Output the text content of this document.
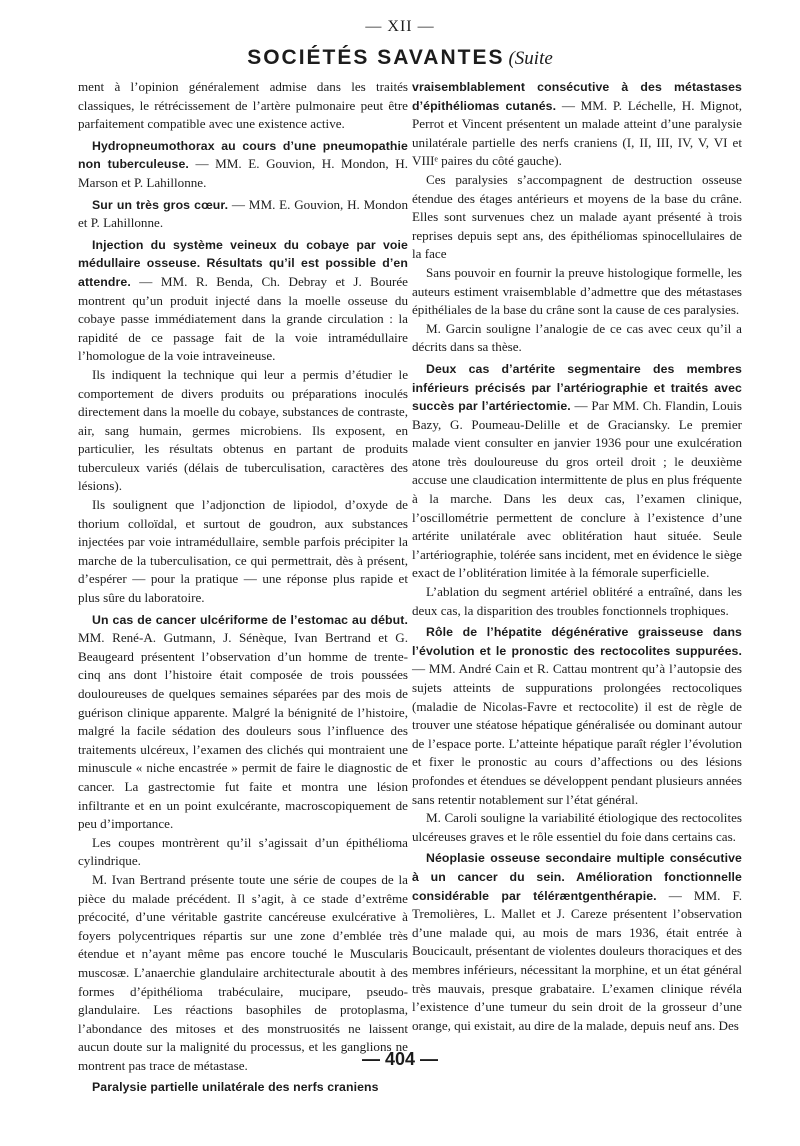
— XII —
SOCIÉTÉS SAVANTES (Suite

ment à l’opinion généralement admise dans les traités classiques, le rétrécissement de l’artère pulmonaire peut être parfaitement compatible avec une existence active.

Hydropneumothorax au cours d’une pneumopathie non tuberculeuse. — MM. E. Gouvion, H. Mondon, H. Marson et P. Lahillonne.

Sur un très gros cœur. — MM. E. Gouvion, H. Mondon et P. Lahillonne.

Injection du système veineux du cobaye par voie médullaire osseuse. Résultats qu’il est possible d’en attendre. — MM. R. Benda, Ch. Debray et J. Bourée montrent qu’un produit injecté dans la moelle osseuse du cobaye passe immédiatement dans la grande circulation : la rapidité de ce passage fait de la voie intramédullaire l’homologue de la voie intraveineuse.

Ils indiquent la technique qui leur a permis d’étudier le comportement de divers produits ou préparations inoculés directement dans la moelle du cobaye, substances de contraste, air, sang humain, germes microbiens. Ils exposent, en particulier, les résultats obtenus en partant de produits tuberculeux variés (délais de tuberculisation, caractères des lésions).

Ils soulignent que l’adjonction de lipiodol, d’oxyde de thorium colloïdal, et surtout de goudron, aux substances injectées par voie intramédullaire, semble parfois précipiter la marche de la tuberculisation, ce qui permettrait, dès à présent, d’espérer — pour la pratique — une réponse plus rapide et plus sûre du laboratoire.

Un cas de cancer ulcériforme de l’estomac au début. MM. René-A. Gutmann, J. Sénèque, Ivan Bertrand et G. Beaugeard présentent l’observation d’un homme de trente-cinq ans dont l’histoire était composée de trois poussées douloureuses de quelques semaines séparées par des mois de guérison clinique apparente. Malgré la bénignité de l’histoire, malgré la facile sédation des douleurs sous l’influence des traitements ulcéreux, l’examen des clichés qui montraient une minuscule « niche encastrée » permit de faire le diagnostic de cancer. La gastrectomie fut faite et montra une lésion infiltrante et en un point exulcérante, macroscopiquement de peu d’importance.

Les coupes montrèrent qu’il s’agissait d’un épithélioma cylindrique.

M. Ivan Bertrand présente toute une série de coupes de la pièce du malade précédent. Il s’agit, à ce stade d’extrême précocité, d’une véritable gastrite cancéreuse exulcérative à foyers polycentriques répartis sur une zone d’emblée très étendue et n’ayant même pas encore touché le Muscularis muscosæ. L’anaerchie glandulaire architecturale aboutit à des formes d’épithélioma trabéculaire, mucipare, pseudo-glandulaire. Les réactions basophiles de protoplasma, l’abondance des mitoses et des monstruosités ne laissent aucun doute sur la malignité du processus, et les ganglions ne montrent pas trace de métastase.

Paralysie partielle unilatérale des nerfs craniens

vraisemblablement consécutive à des métastases d’épithéliomas cutanés. — MM. P. Léchelle, H. Mignot, Perrot et Vincent présentent un malade atteint d’une paralysie unilatérale partielle des nerfs craniens (I, II, III, IV, V, VI et VIIIᵉ paires du côté gauche).

Ces paralysies s’accompagnent de destruction osseuse étendue des étages antérieurs et moyens de la base du crâne. Elles sont survenues chez un malade ayant présenté à trois reprises depuis sept ans, des épithéliomas spinocellulaires de la face

Sans pouvoir en fournir la preuve histologique formelle, les auteurs estiment vraisemblable d’admettre que des métastases épithéliales de la base du crâne sont la cause de ces paralysies.

M. Garcin souligne l’analogie de ce cas avec ceux qu’il a décrits dans sa thèse.

Deux cas d’artérite segmentaire des membres inférieurs précisés par l’artériographie et traités avec succès par l’artériectomie. — Par MM. Ch. Flandin, Louis Bazy, G. Poumeau-Delille et de Graciansky. Le premier malade vient consulter en janvier 1936 pour une exulcération atone très douloureuse du gros orteil droit ; le deuxième accuse une claudication intermittente de plus en plus fréquente à la marche. Dans les deux cas, l’examen clinique, l’oscillométrie permettent de conclure à l’existence d’une artérite unilatérale avec oblitération haut située. Seule l’artériographie, tolérée sans incident, met en évidence le siège exact de l’oblitération limitée à la fémorale superficielle.

L’ablation du segment artériel oblitéré a entraîné, dans les deux cas, la disparition des troubles fonctionnels trophiques.

Rôle de l’hépatite dégénérative graisseuse dans l’évolution et le pronostic des rectocolites suppurées. — MM. André Cain et R. Cattau montrent qu’à l’autopsie des sujets atteints de suppurations prolongées rectocoliques (maladie de Nicolas-Favre et rectocolite) il est de règle de trouver une stéatose hépatique généralisée ou dominant autour de l’espace porte. L’atteinte hépatique paraît régler l’évolution et fixer le pronostic au cours d’affections ou des lésions profondes et étendues se développent pendant plusieurs années sans retentir notablement sur l’état général.

M. Caroli souligne la variabilité étiologique des rectocolites ulcéreuses graves et le rôle essentiel du foie dans certains cas.

Néoplasie osseuse secondaire multiple consécutive à un cancer du sein. Amélioration fonctionnelle considérable par téléræntgenthérapie. — MM. F. Tremolières, L. Mallet et J. Careze présentent l’observation d’une malade qui, au mois de mars 1936, était entrée à Boucicault, présentant de violentes douleurs thoraciques et des membres inférieurs, nécessitant la morphine, et un état général très mauvais, presque grabataire. L’examen clinique révéla l’existence d’une tumeur du sein droit de la grosseur d’une orange, qui existait, au dire de la malade, depuis neuf ans. Des

— 404 —
